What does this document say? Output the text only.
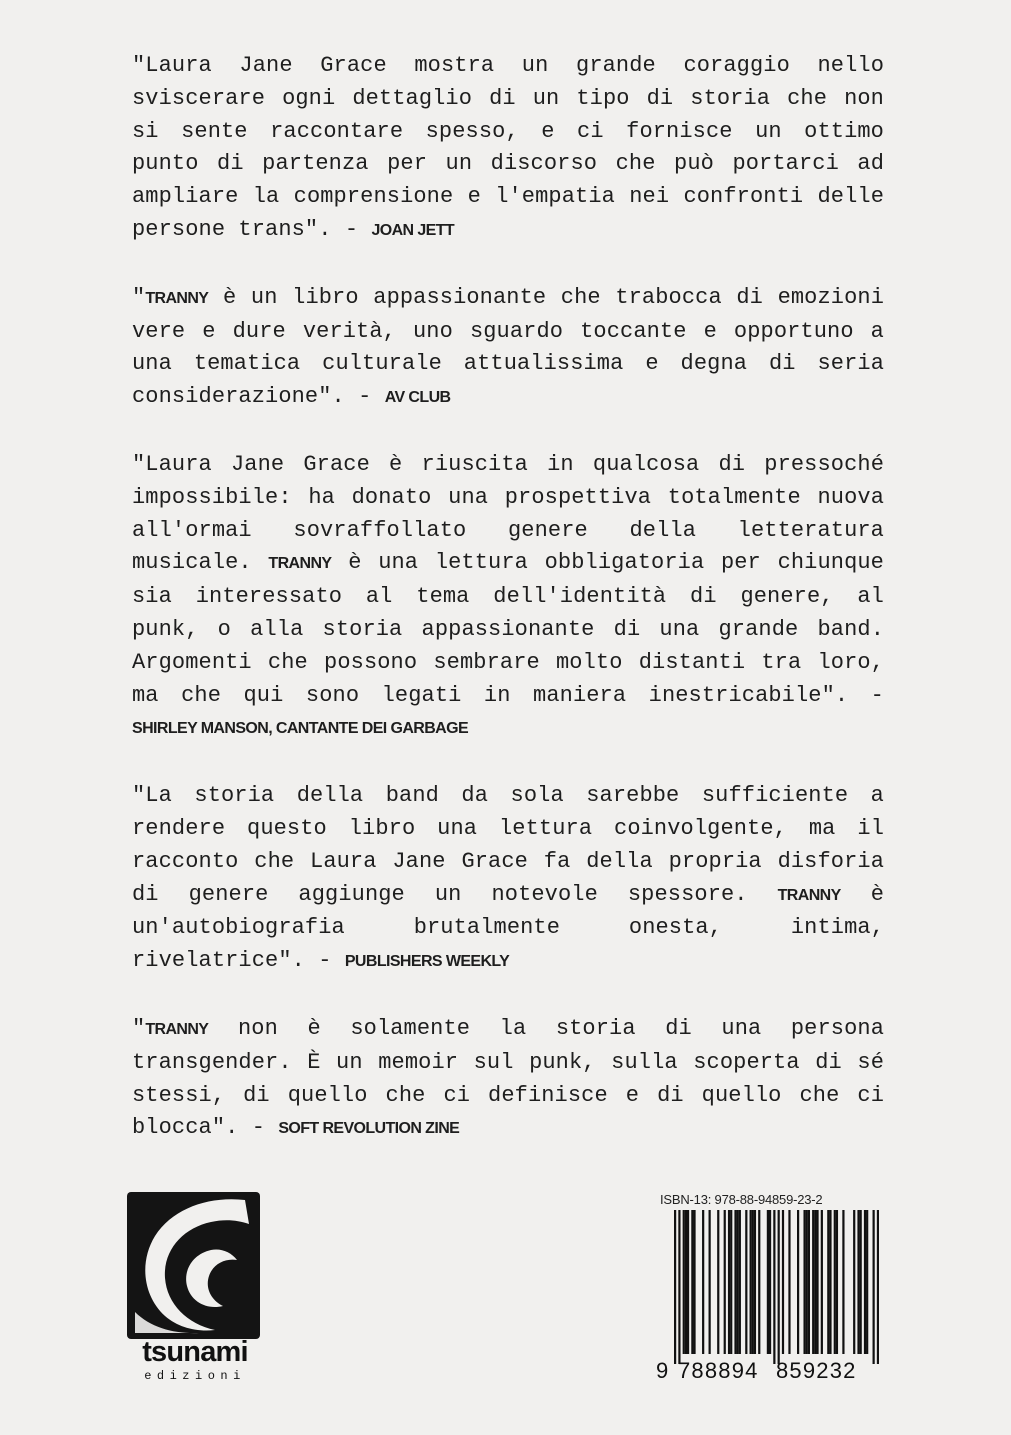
"Laura Jane Grace mostra un grande coraggio nello sviscerare ogni dettaglio di un tipo di storia che non si sente raccontare spesso, e ci fornisce un ottimo punto di partenza per un discorso che può portarci ad ampliare la comprensione e l'empatia nei confronti delle persone trans". - JOAN JETT

"TRANNY è un libro appassionante che trabocca di emozioni vere e dure verità, uno sguardo toccante e opportuno a una tematica culturale attualissima e degna di seria considerazione". - AV CLUB

"Laura Jane Grace è riuscita in qualcosa di pressoché impossibile: ha donato una prospettiva totalmente nuova all'ormai sovraffollato genere della letteratura musicale. TRANNY è una lettura obbligatoria per chiunque sia interessato al tema dell'identità di genere, al punk, o alla storia appassionante di una grande band. Argomenti che possono sembrare molto distanti tra loro, ma che qui sono legati in maniera inestricabile". - SHIRLEY MANSON, CANTANTE DEI GARBAGE

"La storia della band da sola sarebbe sufficiente a rendere questo libro una lettura coinvolgente, ma il racconto che Laura Jane Grace fa della propria disforia di genere aggiunge un notevole spessore. TRANNY è un'autobiografia brutalmente onesta, intima, rivelatrice". - PUBLISHERS WEEKLY

"TRANNY non è solamente la storia di una persona transgender. È un memoir sul punk, sulla scoperta di sé stessi, di quello che ci definisce e di quello che ci blocca". - SOFT REVOLUTION ZINE

tsunami
edizioni
ISBN-13: 978-88-94859-23-2
9 788894 859232
